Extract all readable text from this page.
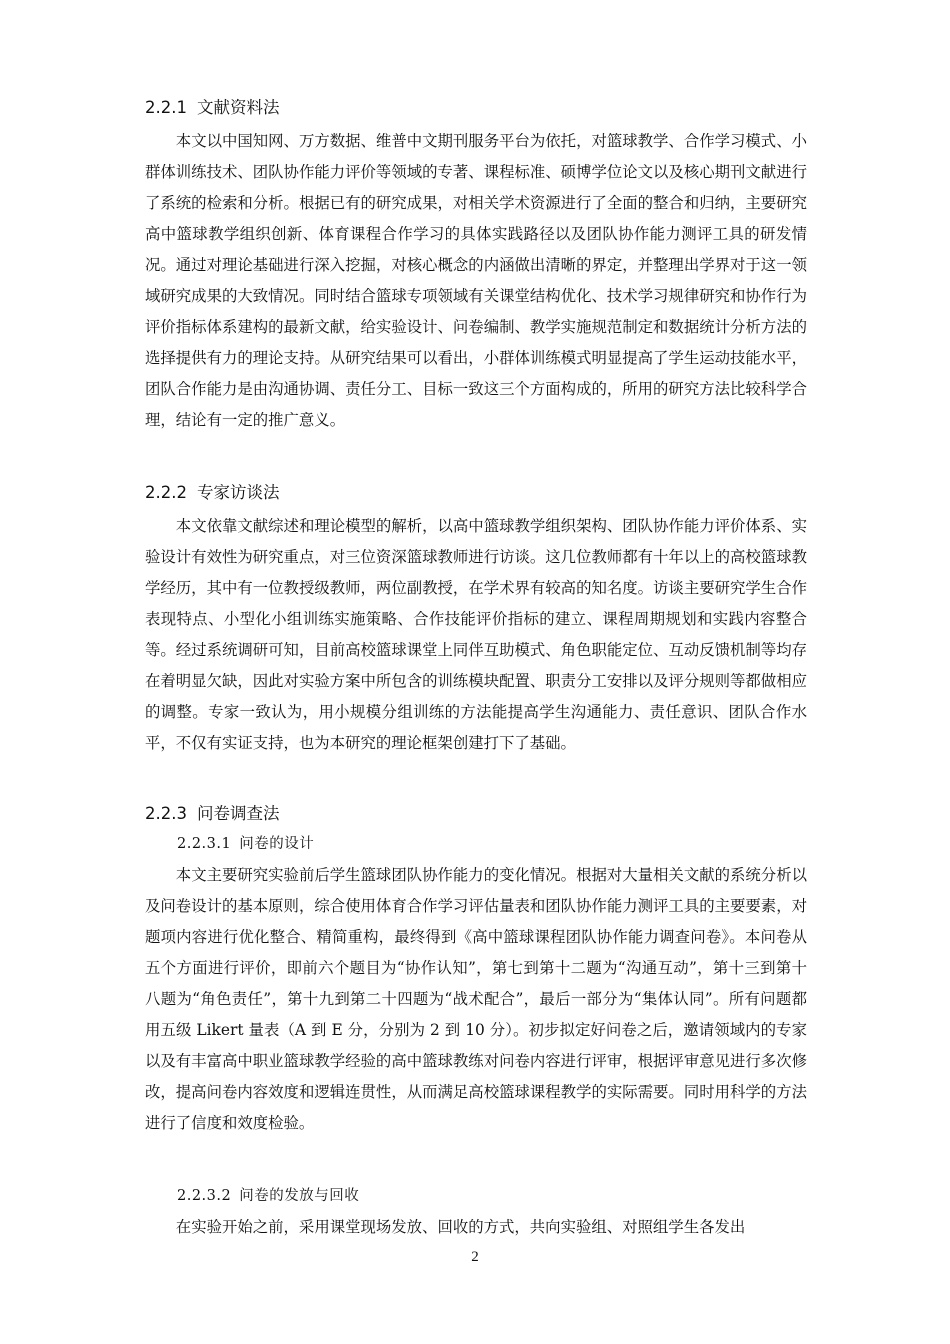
2.2.1 文献资料法

本文以中国知网、万方数据、维普中文期刊服务平台为依托，对篮球教学、合作学习模式、小群体训练技术、团队协作能力评价等领域的专著、课程标准、硕博学位论文以及核心期刊文献进行了系统的检索和分析。根据已有的研究成果，对相关学术资源进行了全面的整合和归纳，主要研究高中篮球教学组织创新、体育课程合作学习的具体实践路径以及团队协作能力测评工具的研发情况。通过对理论基础进行深入挖掘，对核心概念的内涵做出清晰的界定，并整理出学界对于这一领域研究成果的大致情况。同时结合篮球专项领域有关课堂结构优化、技术学习规律研究和协作行为评价指标体系建构的最新文献，给实验设计、问卷编制、教学实施规范制定和数据统计分析方法的选择提供有力的理论支持。从研究结果可以看出，小群体训练模式明显提高了学生运动技能水平，团队合作能力是由沟通协调、责任分工、目标一致这三个方面构成的，所用的研究方法比较科学合理，结论有一定的推广意义。

2.2.2 专家访谈法

本文依靠文献综述和理论模型的解析，以高中篮球教学组织架构、团队协作能力评价体系、实验设计有效性为研究重点，对三位资深篮球教师进行访谈。这几位教师都有十年以上的高校篮球教学经历，其中有一位教授级教师，两位副教授，在学术界有较高的知名度。访谈主要研究学生合作表现特点、小型化小组训练实施策略、合作技能评价指标的建立、课程周期规划和实践内容整合等。经过系统调研可知，目前高校篮球课堂上同伴互助模式、角色职能定位、互动反馈机制等均存在着明显欠缺，因此对实验方案中所包含的训练模块配置、职责分工安排以及评分规则等都做相应的调整。专家一致认为，用小规模分组训练的方法能提高学生沟通能力、责任意识、团队合作水平，不仅有实证支持，也为本研究的理论框架创建打下了基础。

2.2.3 问卷调查法
2.2.3.1 问卷的设计

本文主要研究实验前后学生篮球团队协作能力的变化情况。根据对大量相关文献的系统分析以及问卷设计的基本原则，综合使用体育合作学习评估量表和团队协作能力测评工具的主要要素，对题项内容进行优化整合、精简重构，最终得到《高中篮球课程团队协作能力调查问卷》。本问卷从五个方面进行评价，即前六个题目为“协作认知”，第七到第十二题为“沟通互动”，第十三到第十八题为“角色责任”，第十九到第二十四题为“战术配合”，最后一部分为“集体认同”。所有问题都用五级 Likert 量表（A 到 E 分，分别为 2 到 10 分）。初步拟定好问卷之后，邀请领域内的专家以及有丰富高中职业篮球教学经验的高中篮球教练对问卷内容进行评审，根据评审意见进行多次修改，提高问卷内容效度和逻辑连贯性，从而满足高校篮球课程教学的实际需要。同时用科学的方法进行了信度和效度检验。

2.2.3.2 问卷的发放与回收

在实验开始之前，采用课堂现场发放、回收的方式，共向实验组、对照组学生各发出

2
